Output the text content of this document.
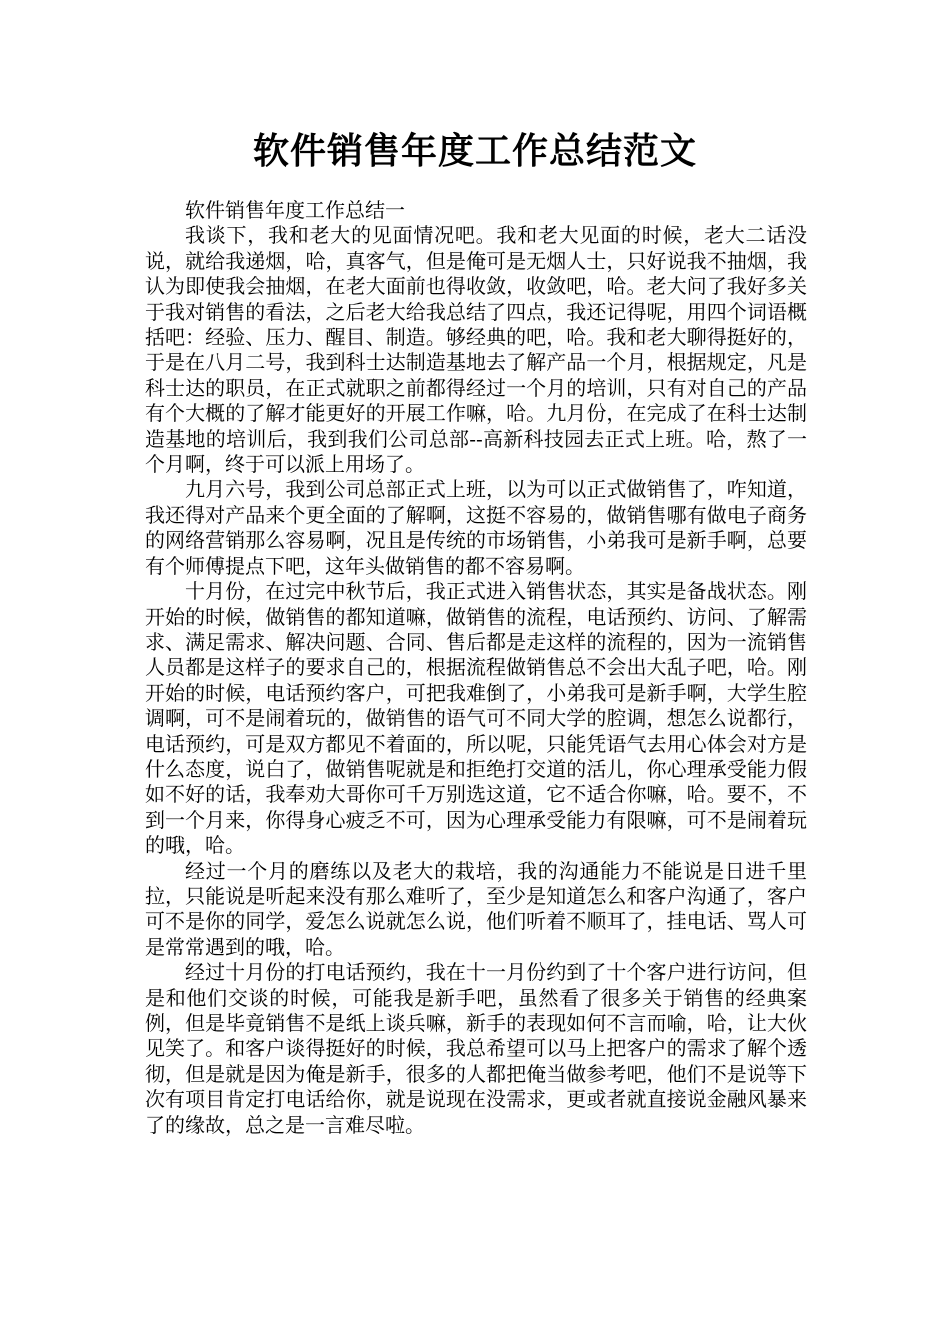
软件销售年度工作总结范文

软件销售年度工作总结一

我谈下，我和老大的见面情况吧。我和老大见面的时候，老大二话没说，就给我递烟，哈，真客气，但是俺可是无烟人士，只好说我不抽烟，我认为即使我会抽烟，在老大面前也得收敛，收敛吧，哈。老大问了我好多关于我对销售的看法，之后老大给我总结了四点，我还记得呢，用四个词语概括吧：经验、压力、醒目、制造。够经典的吧，哈。我和老大聊得挺好的，于是在八月二号，我到科士达制造基地去了解产品一个月，根据规定，凡是科士达的职员，在正式就职之前都得经过一个月的培训，只有对自己的产品有个大概的了解才能更好的开展工作嘛，哈。九月份，在完成了在科士达制造基地的培训后，我到我们公司总部--高新科技园去正式上班。哈，熬了一个月啊，终于可以派上用场了。

九月六号，我到公司总部正式上班，以为可以正式做销售了，咋知道，我还得对产品来个更全面的了解啊，这挺不容易的，做销售哪有做电子商务的网络营销那么容易啊，况且是传统的市场销售，小弟我可是新手啊，总要有个师傅提点下吧，这年头做销售的都不容易啊。

十月份，在过完中秋节后，我正式进入销售状态，其实是备战状态。刚开始的时候，做销售的都知道嘛，做销售的流程，电话预约、访问、了解需求、满足需求、解决问题、合同、售后都是走这样的流程的，因为一流销售人员都是这样子的要求自己的，根据流程做销售总不会出大乱子吧，哈。刚开始的时候，电话预约客户，可把我难倒了，小弟我可是新手啊，大学生腔调啊，可不是闹着玩的，做销售的语气可不同大学的腔调，想怎么说都行，电话预约，可是双方都见不着面的，所以呢，只能凭语气去用心体会对方是什么态度，说白了，做销售呢就是和拒绝打交道的活儿，你心理承受能力假如不好的话，我奉劝大哥你可千万别选这道，它不适合你嘛，哈。要不，不到一个月来，你得身心疲乏不可，因为心理承受能力有限嘛，可不是闹着玩的哦，哈。

经过一个月的磨练以及老大的栽培，我的沟通能力不能说是日进千里拉，只能说是听起来没有那么难听了，至少是知道怎么和客户沟通了，客户可不是你的同学，爱怎么说就怎么说，他们听着不顺耳了，挂电话、骂人可是常常遇到的哦，哈。

经过十月份的打电话预约，我在十一月份约到了十个客户进行访问，但是和他们交谈的时候，可能我是新手吧，虽然看了很多关于销售的经典案例，但是毕竟销售不是纸上谈兵嘛，新手的表现如何不言而喻，哈，让大伙见笑了。和客户谈得挺好的时候，我总希望可以马上把客户的需求了解个透彻，但是就是因为俺是新手，很多的人都把俺当做参考吧，他们不是说等下次有项目肯定打电话给你，就是说现在没需求，更或者就直接说金融风暴来了的缘故，总之是一言难尽啦。
